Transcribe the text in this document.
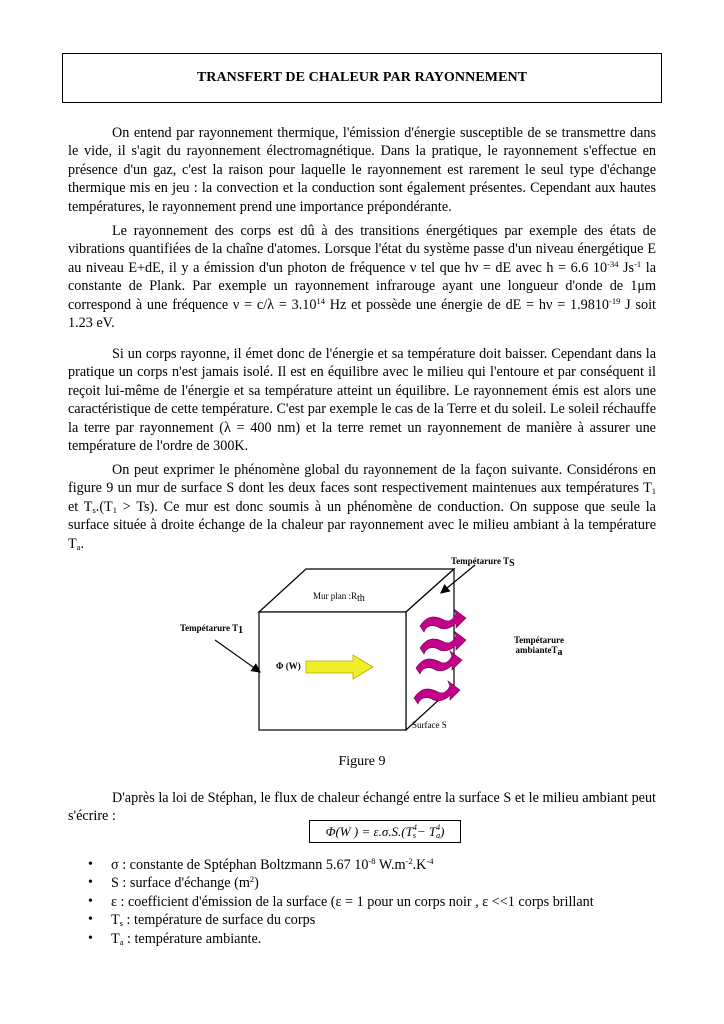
TRANSFERT DE CHALEUR PAR RAYONNEMENT

On entend par rayonnement thermique, l'émission d'énergie susceptible de se transmettre dans le vide, il s'agit du rayonnement électromagnétique. Dans la pratique, le rayonnement s'effectue en présence d'un gaz, c'est la raison pour laquelle le rayonnement est rarement le seul type d'échange thermique mis en jeu : la convection et la conduction sont également présentes. Cependant aux hautes températures, le rayonnement prend une importance prépondérante.

Le rayonnement des corps est dû à des transitions énergétiques par exemple des états de vibrations quantifiées de la chaîne d'atomes. Lorsque l'état du système passe d'un niveau énergétique E au niveau E+dE, il y a émission d'un photon de fréquence ν tel que hν = dE avec h = 6.6 $10^{-34}$ $Js^{-1}$ la constante de Plank. Par exemple un rayonnement infrarouge ayant une longueur d'onde de 1μm correspond à une fréquence $\nu = c/\lambda = 3.10^{14}$ Hz et possède une énergie de dE = $h\nu = 1.9810^{-19}$ J soit 1.23 eV.

Si un corps rayonne, il émet donc de l'énergie et sa température doit baisser. Cependant dans la pratique un corps n'est jamais isolé. Il est en équilibre avec le milieu qui l'entoure et par conséquent il reçoit lui-même de l'énergie et sa température atteint un équilibre. Le rayonnement émis est alors une caractéristique de cette température. C'est par exemple le cas de la Terre et du soleil. Le soleil réchauffe la terre par rayonnement (λ = 400 nm) et la terre remet un rayonnement de manière à assurer une température de l'ordre de 300K.

On peut exprimer le phénomène global du rayonnement de la façon suivante. Considérons en figure 9 un mur de surface S dont les deux faces sont respectivement maintenues aux températures $T_1$ et $T_s.(T_1 > Ts)$. Ce mur est donc soumis à un phénomène de conduction. On suppose que seule la surface située à droite échange de la chaleur par rayonnement avec le milieu ambiant à la température $T_a$.

Tempétarure $T_S$
Mur plan $:R_{th}$
Tempétarure $T_1$
Φ (W)
Tempétarure
ambianteT$_a$
Surface S
Figure 9

D'après la loi de Stéphan, le flux de chaleur échangé entre la surface S et le milieu ambiant peut s'écrire :

Φ(W ) = ε.σ.S.(T 4
s − T 4
a )
• σ : constante de Sptéphan Boltzmann 5.67 $10^{-8}$ $W.m^{-2}.K^{-4}$
• S : surface d'échange $(m^2)$
• ε : coefficient d'émission de la surface (ε = 1 pour un corps noir , ε <<1 corps brillant
• $T_s$ : température de surface du corps
• $T_a$ : température ambiante.
